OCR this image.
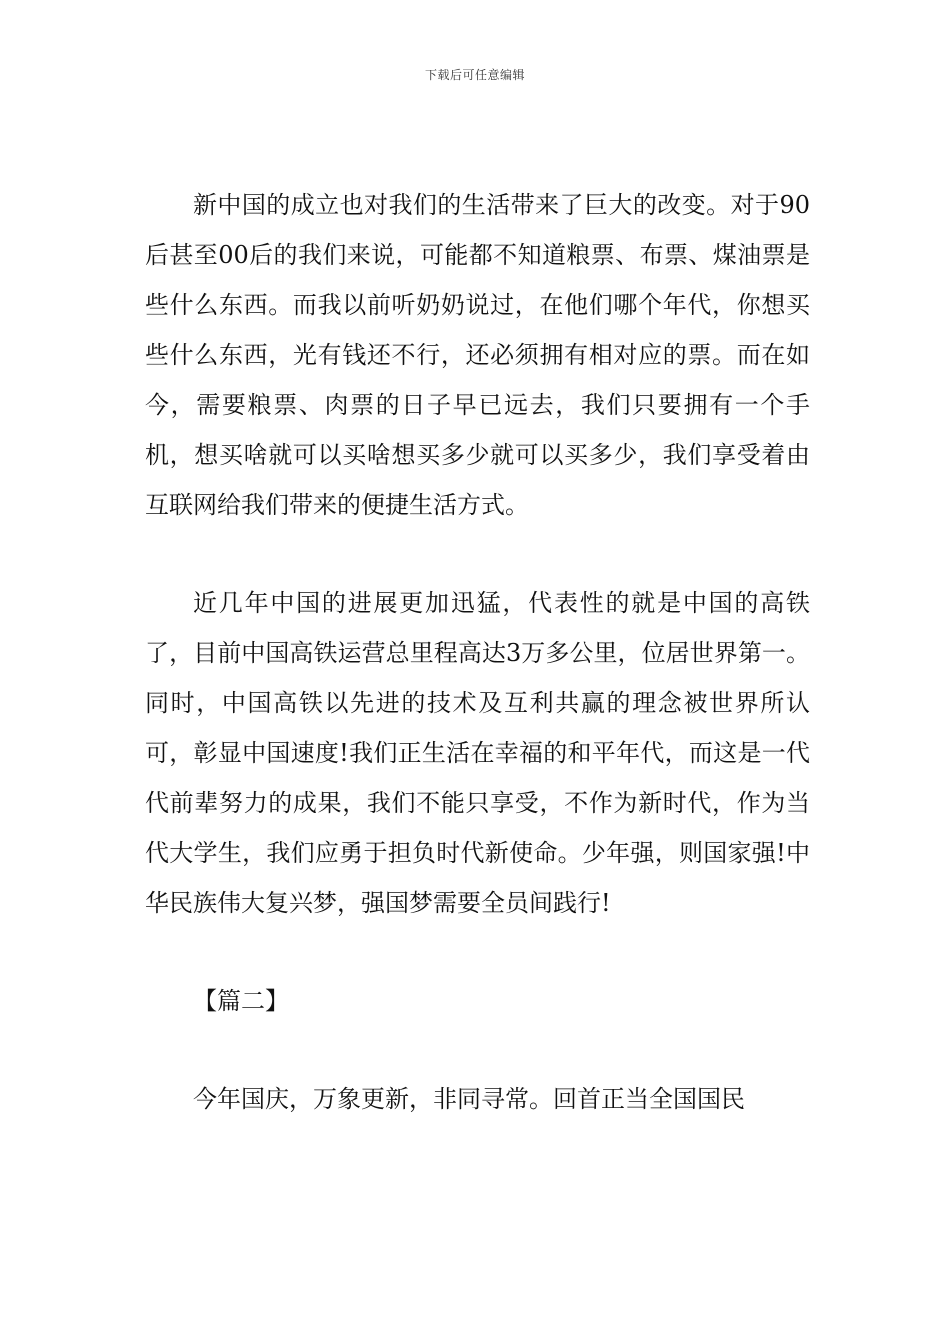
下载后可任意编辑

新中国的成立也对我们的生活带来了巨大的改变。对于90后甚至00后的我们来说，可能都不知道粮票、布票、煤油票是些什么东西。而我以前听奶奶说过，在他们哪个年代，你想买些什么东西，光有钱还不行，还必须拥有相对应的票。而在如今，需要粮票、肉票的日子早已远去，我们只要拥有一个手机，想买啥就可以买啥想买多少就可以买多少，我们享受着由互联网给我们带来的便捷生活方式。

近几年中国的进展更加迅猛，代表性的就是中国的高铁了，目前中国高铁运营总里程高达3万多公里，位居世界第一。同时，中国高铁以先进的技术及互利共赢的理念被世界所认可，彰显中国速度!我们正生活在幸福的和平年代，而这是一代代前辈努力的成果，我们不能只享受，不作为新时代，作为当代大学生，我们应勇于担负时代新使命。少年强，则国家强!中华民族伟大复兴梦，强国梦需要全员间践行!

【篇二】

今年国庆，万象更新，非同寻常。回首正当全国国民
